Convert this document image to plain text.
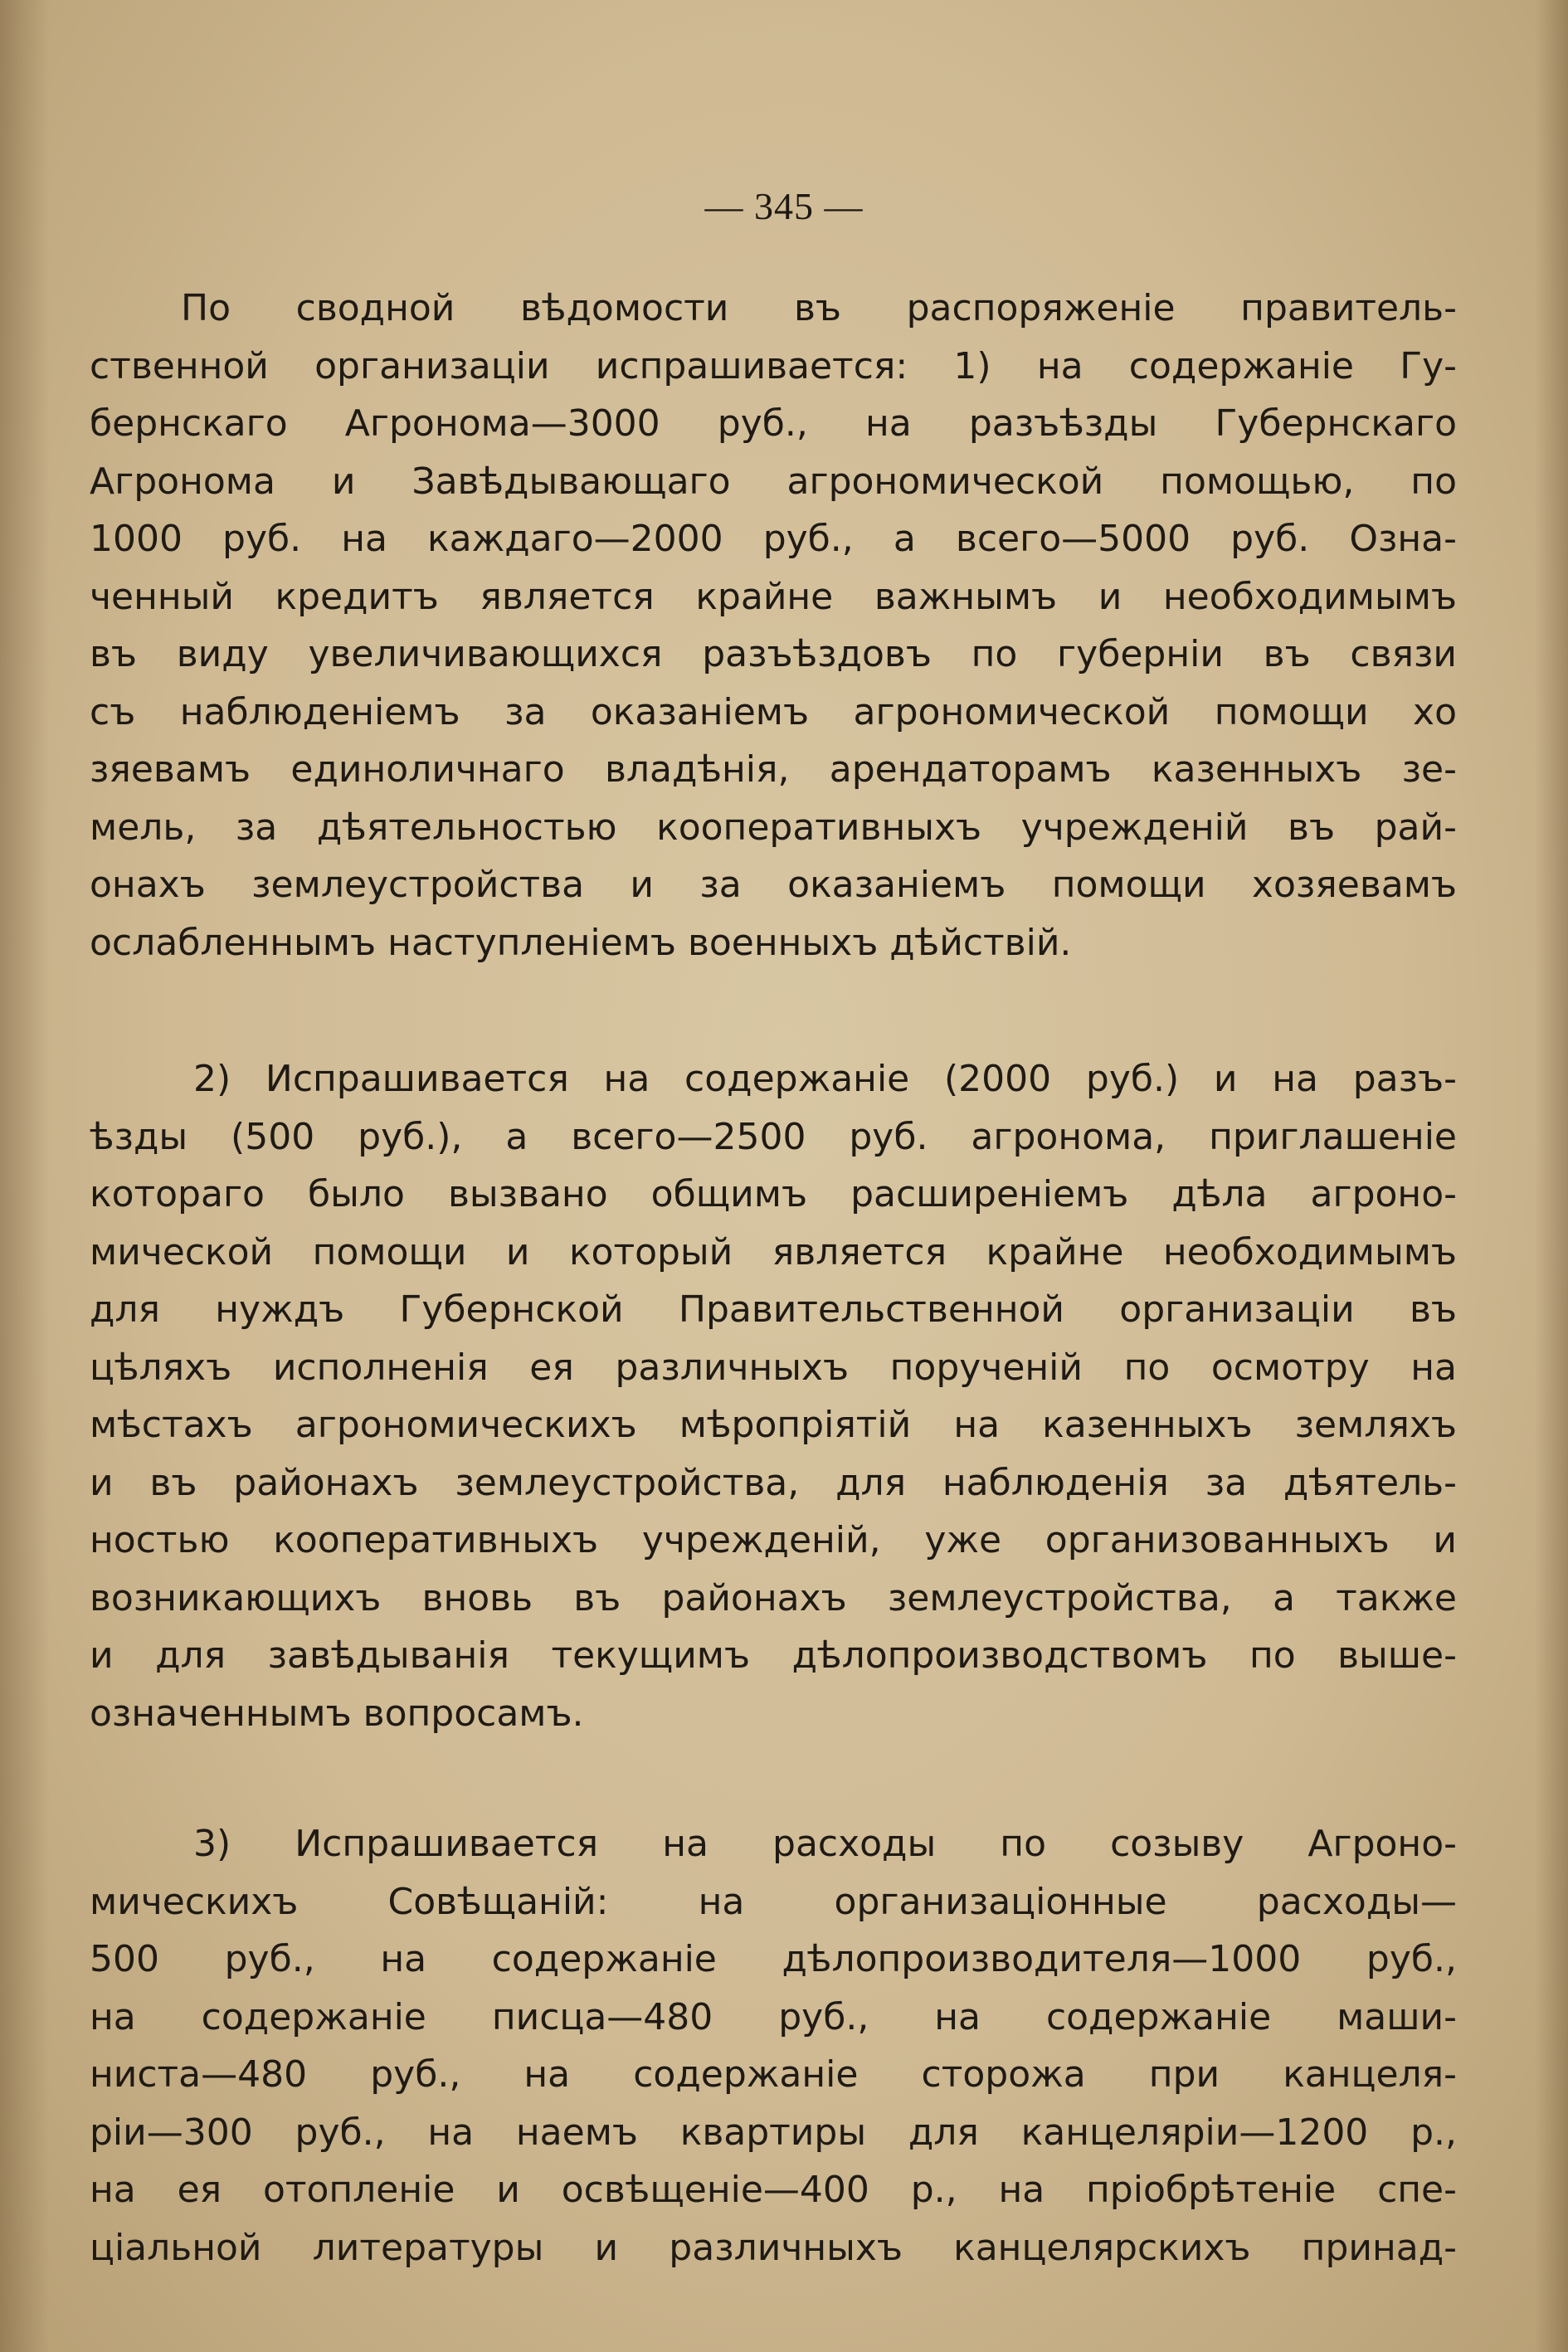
— 345 —
По сводной вѣдомости въ распоряженіе правитель-
ственной организаціи испрашивается: 1) на содержаніе Гу-
бернскаго Агронома—3000 руб., на разъѣзды Губернскаго
Агронома и Завѣдывающаго агрономической помощью, по
1000 руб. на каждаго—2000 руб., а всего—5000 руб. Озна-
ченный кредитъ является крайне важнымъ и необходимымъ
въ виду увеличивающихся разъѣздовъ по губерніи въ связи
съ наблюденіемъ за оказаніемъ агрономической помощи хо
зяевамъ единоличнаго владѣнія, арендаторамъ казенныхъ зе-
мель, за дѣятельностью кооперативныхъ учрежденій въ рай-
онахъ землеустройства и за оказаніемъ помощи хозяевамъ
ослабленнымъ наступленіемъ военныхъ дѣйствій.
2) Испрашивается на содержаніе (2000 руб.) и на разъ-
ѣзды (500 руб.), а всего—2500 руб. агронома, приглашеніе
котораго было вызвано общимъ расширеніемъ дѣла агроно-
мической помощи и который является крайне необходимымъ
для нуждъ Губернской Правительственной организаціи въ
цѣляхъ исполненія ея различныхъ порученій по осмотру на
мѣстахъ агрономическихъ мѣропріятій на казенныхъ земляхъ
и въ районахъ землеустройства, для наблюденія за дѣятель-
ностью кооперативныхъ учрежденій, уже организованныхъ и
возникающихъ вновь въ районахъ землеустройства, а также
и для завѣдыванія текущимъ дѣлопроизводствомъ по выше-
означеннымъ вопросамъ.
3) Испрашивается на расходы по созыву Агроно-
мическихъ Совѣщаній: на организаціонные расходы—
500 руб., на содержаніе дѣлопроизводителя—1000 руб.,
на содержаніе писца—480 руб., на содержаніе маши-
ниста—480 руб., на содержаніе сторожа при канцеля-
ріи—300 руб., на наемъ квартиры для канцеляріи—1200 р.,
на ея отопленіе и освѣщеніе—400 р., на пріобрѣтеніе спе-
ціальной литературы и различныхъ канцелярскихъ принад-
